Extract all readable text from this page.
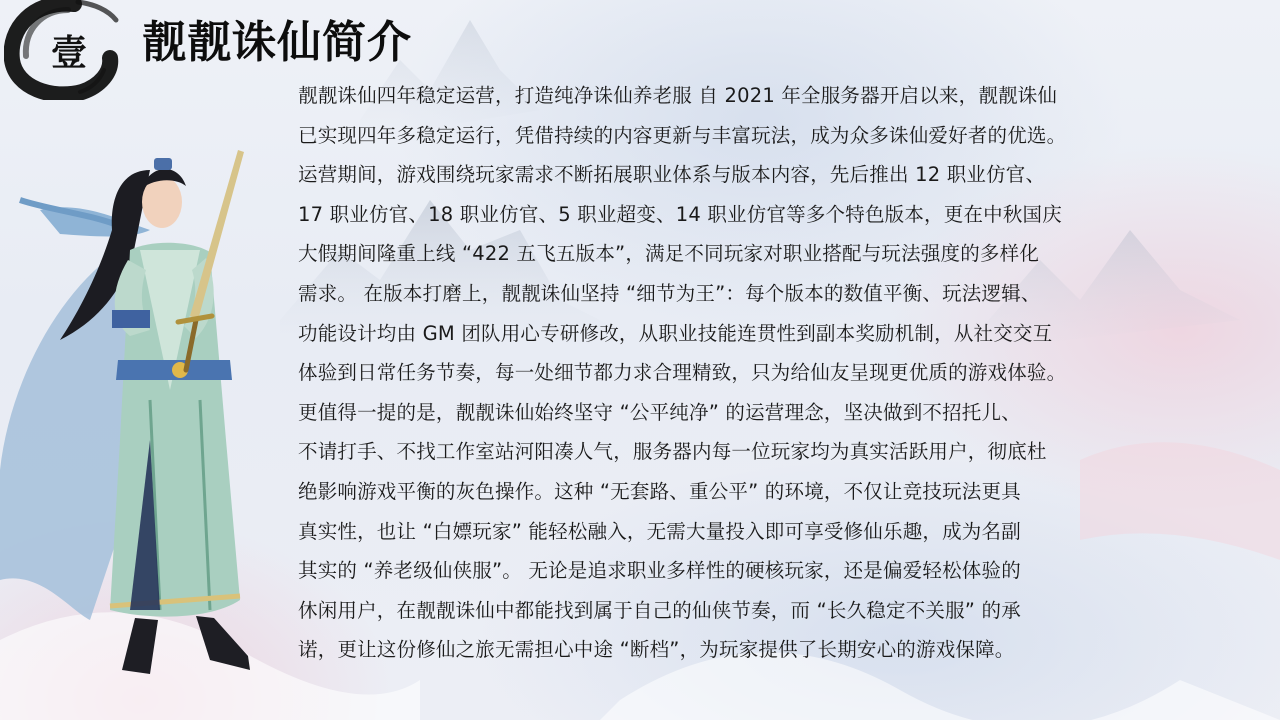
壹	靓靓诛仙简介
靓靓诛仙四年稳定运营，打造纯净诛仙养老服 自 2021 年全服务器开启以来，靓靓诛仙
已实现四年多稳定运行，凭借持续的内容更新与丰富玩法，成为众多诛仙爱好者的优选。
运营期间，游戏围绕玩家需求不断拓展职业体系与版本内容，先后推出 12 职业仿官、
17 职业仿官、18 职业仿官、5 职业超变、14 职业仿官等多个特色版本，更在中秋国庆
大假期间隆重上线 “422 五飞五版本”，满足不同玩家对职业搭配与玩法强度的多样化
需求。 在版本打磨上，靓靓诛仙坚持 “细节为王”：每个版本的数值平衡、玩法逻辑、
功能设计均由 GM 团队用心专研修改，从职业技能连贯性到副本奖励机制，从社交交互
体验到日常任务节奏，每一处细节都力求合理精致，只为给仙友呈现更优质的游戏体验。
更值得一提的是，靓靓诛仙始终坚守 “公平纯净” 的运营理念，坚决做到不招托儿、
不请打手、不找工作室站河阳凑人气，服务器内每一位玩家均为真实活跃用户，彻底杜
绝影响游戏平衡的灰色操作。这种 “无套路、重公平” 的环境，不仅让竞技玩法更具
真实性，也让 “白嫖玩家” 能轻松融入，无需大量投入即可享受修仙乐趣，成为名副
其实的 “养老级仙侠服”。 无论是追求职业多样性的硬核玩家，还是偏爱轻松体验的
休闲用户，在靓靓诛仙中都能找到属于自己的仙侠节奏，而 “长久稳定不关服” 的承
诺，更让这份修仙之旅无需担心中途 “断档”，为玩家提供了长期安心的游戏保障。
